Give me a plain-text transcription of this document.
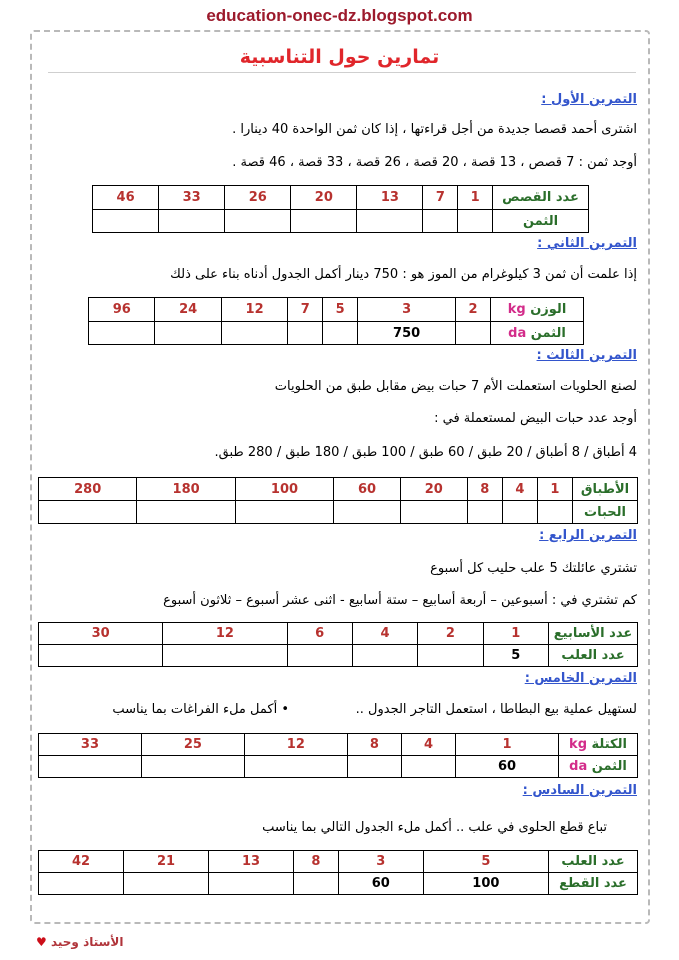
education-onec-dz.blogspot.com
تمارين حول التناسبية
التمرين الأول :
اشترى أحمد قصصا جديدة من أجل قراءتها ، إذا كان ثمن الواحدة 40 دينارا .
أوجد ثمن : 7 قصص ، 13 قصة ، 20 قصة ، 26 قصة ، 33 قصة ، 46 قصة .
عدد القصص	1	7	13	20	26	33	46
الثمن							
التمرين الثاني :
إذا علمت أن ثمن 3 كيلوغرام من الموز هو : 750 دينار أكمل الجدول أدناه بناء على ذلك
الوزن kg	2	3	5	7	12	24	96
الثمن da		750					
التمرين الثالث :
لصنع الحلويات استعملت الأم 7 حبات بيض مقابل طبق من الحلويات
أوجد عدد حبات البيض لمستعملة في :
4 أطباق / 8 أطباق / 20 طبق / 60 طبق / 100 طبق / 180 طبق / 280 طبق.
الأطباق	1	4	8	20	60	100	180	280
الحبات								
التمرين الرابع :
تشتري عائلتك 5 علب حليب كل أسبوع
كم تشتري في : أسبوعين – أربعة أسابيع – ستة أسابيع - اثنى عشر أسبوع – ثلاثون أسبوع
عدد الأسابيع	1	2	4	6	12	30
عدد العلب	5					
التمرين الخامس :
لستهيل عملية بيع البطاطا ، استعمل التاجر الجدول ..
• أكمل ملء الفراغات بما يناسب
الكتلة kg	1	4	8	12	25	33
الثمن da	60					
التمرين السادس :
تباع قطع الحلوى في علب .. أكمل ملء الجدول التالي بما يناسب
عدد العلب	5	3	8	13	21	42
عدد القطع	100	60				
الأستاذ وحيد ♥
